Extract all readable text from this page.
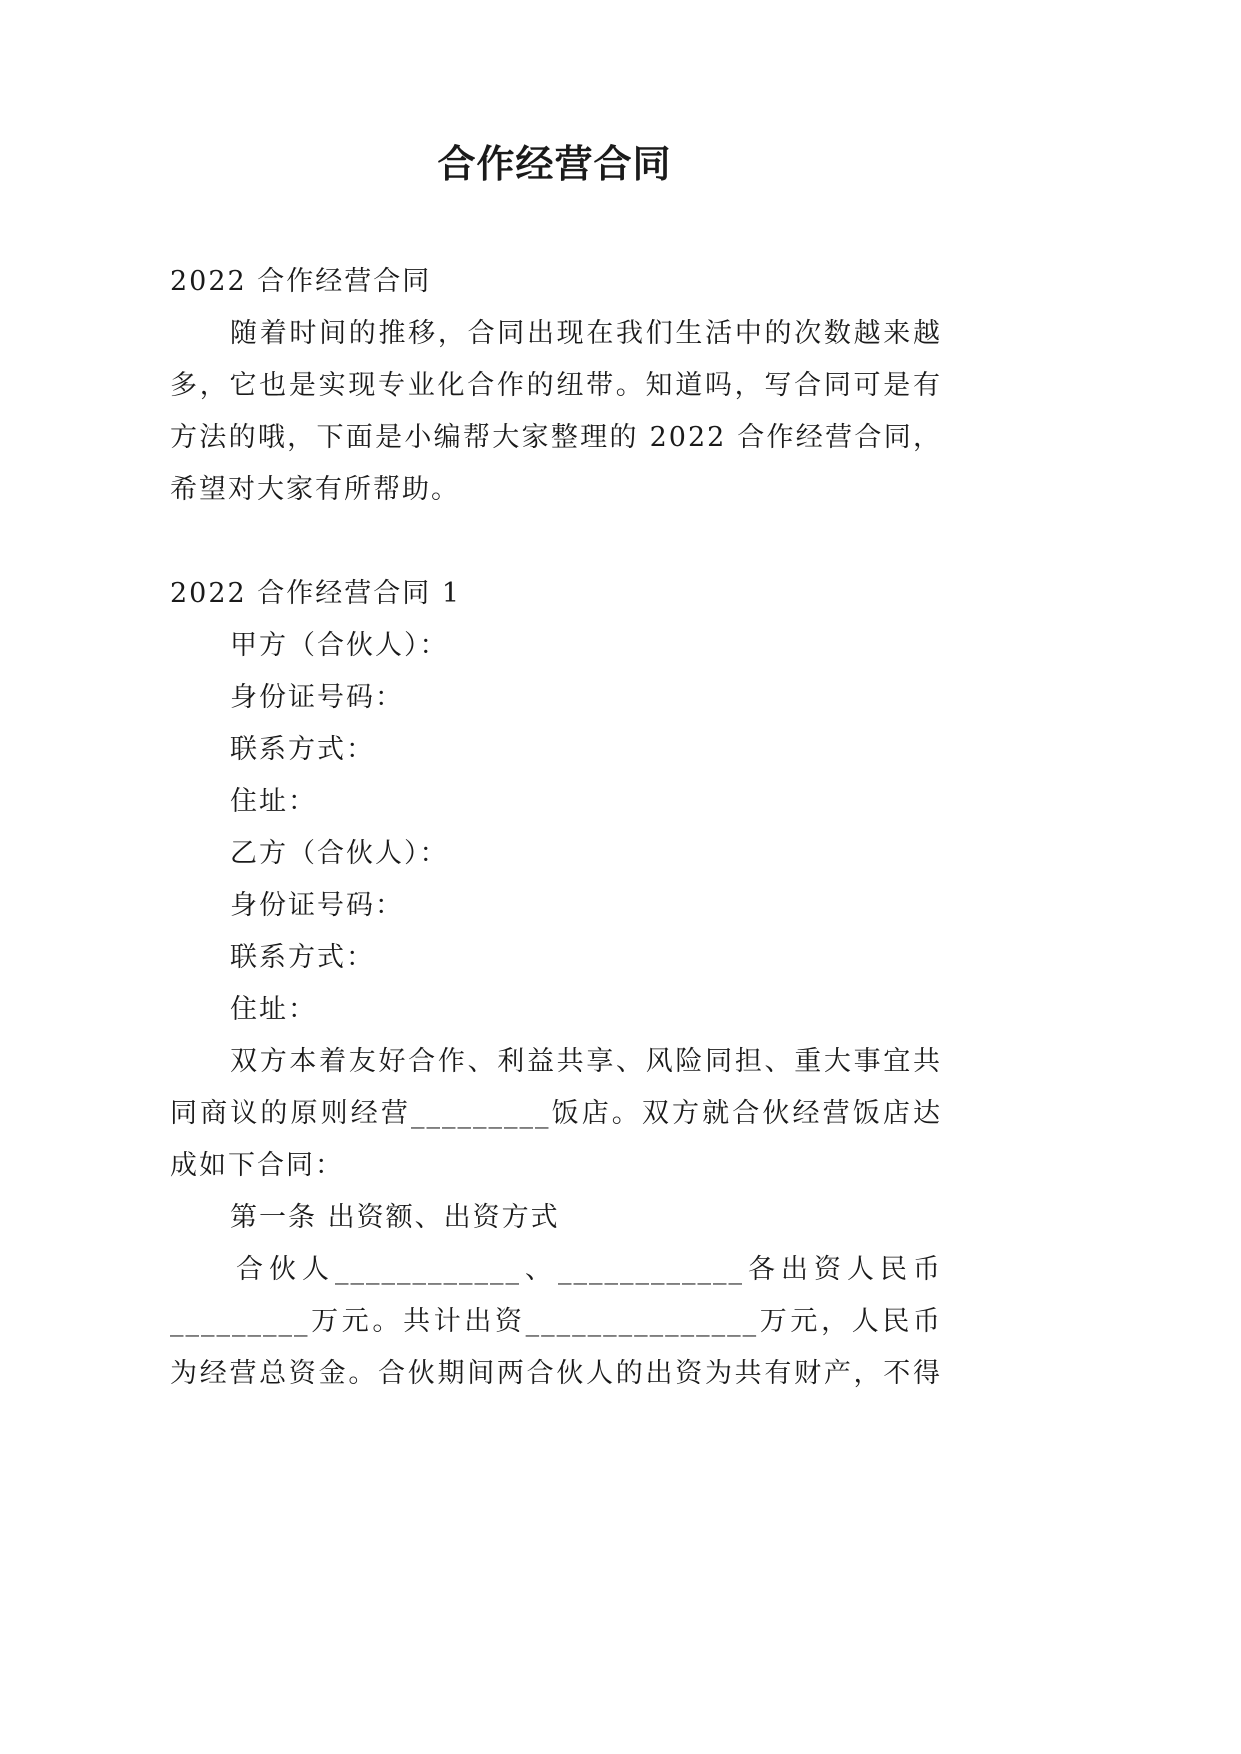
合作经营合同
2022 合作经营合同
随着时间的推移，合同出现在我们生活中的次数越来越
多，它也是实现专业化合作的纽带。知道吗，写合同可是有
方法的哦，下面是小编帮大家整理的 2022 合作经营合同，
希望对大家有所帮助。
2022 合作经营合同 1
甲方（合伙人）：
身份证号码：
联系方式：
住址：
乙方（合伙人）：
身份证号码：
联系方式：
住址：
双方本着友好合作、利益共享、风险同担、重大事宜共
同商议的原则经营_________饭店。双方就合伙经营饭店达
成如下合同：
第一条 出资额、出资方式
合伙人____________、____________各出资人民币
_________万元。共计出资_______________万元，人民币
为经营总资金。合伙期间两合伙人的出资为共有财产，不得
